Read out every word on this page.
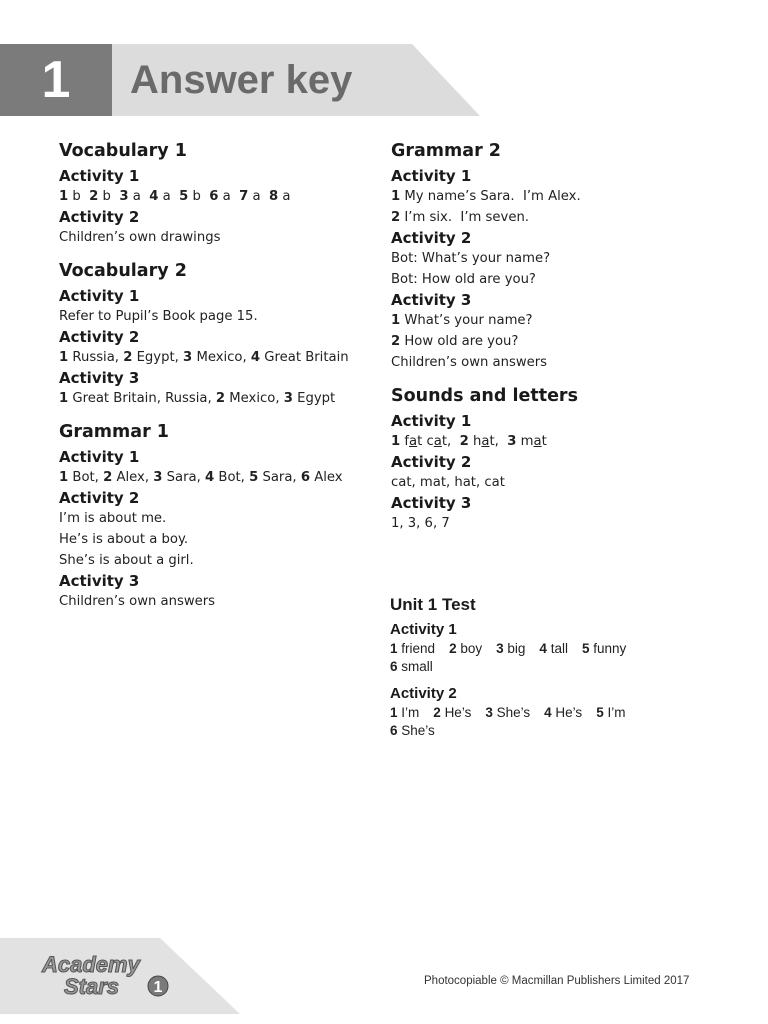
1	Answer key

Vocabulary 1

Activity 1

1 b 2 b 3 a 4 a 5 b 6 a 7 a 8 a

Activity 2

Children’s own drawings

Vocabulary 2

Activity 1

Refer to Pupil’s Book page 15.

Activity 2

1 Russia, 2 Egypt, 3 Mexico, 4 Great Britain

Activity 3

1 Great Britain, Russia, 2 Mexico, 3 Egypt

Grammar 1

Activity 1

1 Bot, 2 Alex, 3 Sara, 4 Bot, 5 Sara, 6 Alex

Activity 2

I’m is about me.

He’s is about a boy.

She’s is about a girl.

Activity 3

Children’s own answers

Grammar 2

Activity 1

1 My name’s Sara.  I’m Alex.

2 I’m six.  I’m seven.

Activity 2

Bot: What’s your name?

Bot: How old are you?

Activity 3

1 What’s your name?

2 How old are you?

Children’s own answers

Sounds and letters

Activity 1

1 fat cat, 2 hat, 3 mat

Activity 2

cat, mat, hat, cat

Activity 3

1, 3, 6, 7

Unit 1 Test

Activity 1

1 friend 2 boy 3 big 4 tall 5 funny

6 small

Activity 2

1 I’m 2 He’s 3 She’s 4 He’s 5 I’m

6 She’s

Academy
Stars 1	Photocopiable © Macmillan Publishers Limited 2017
